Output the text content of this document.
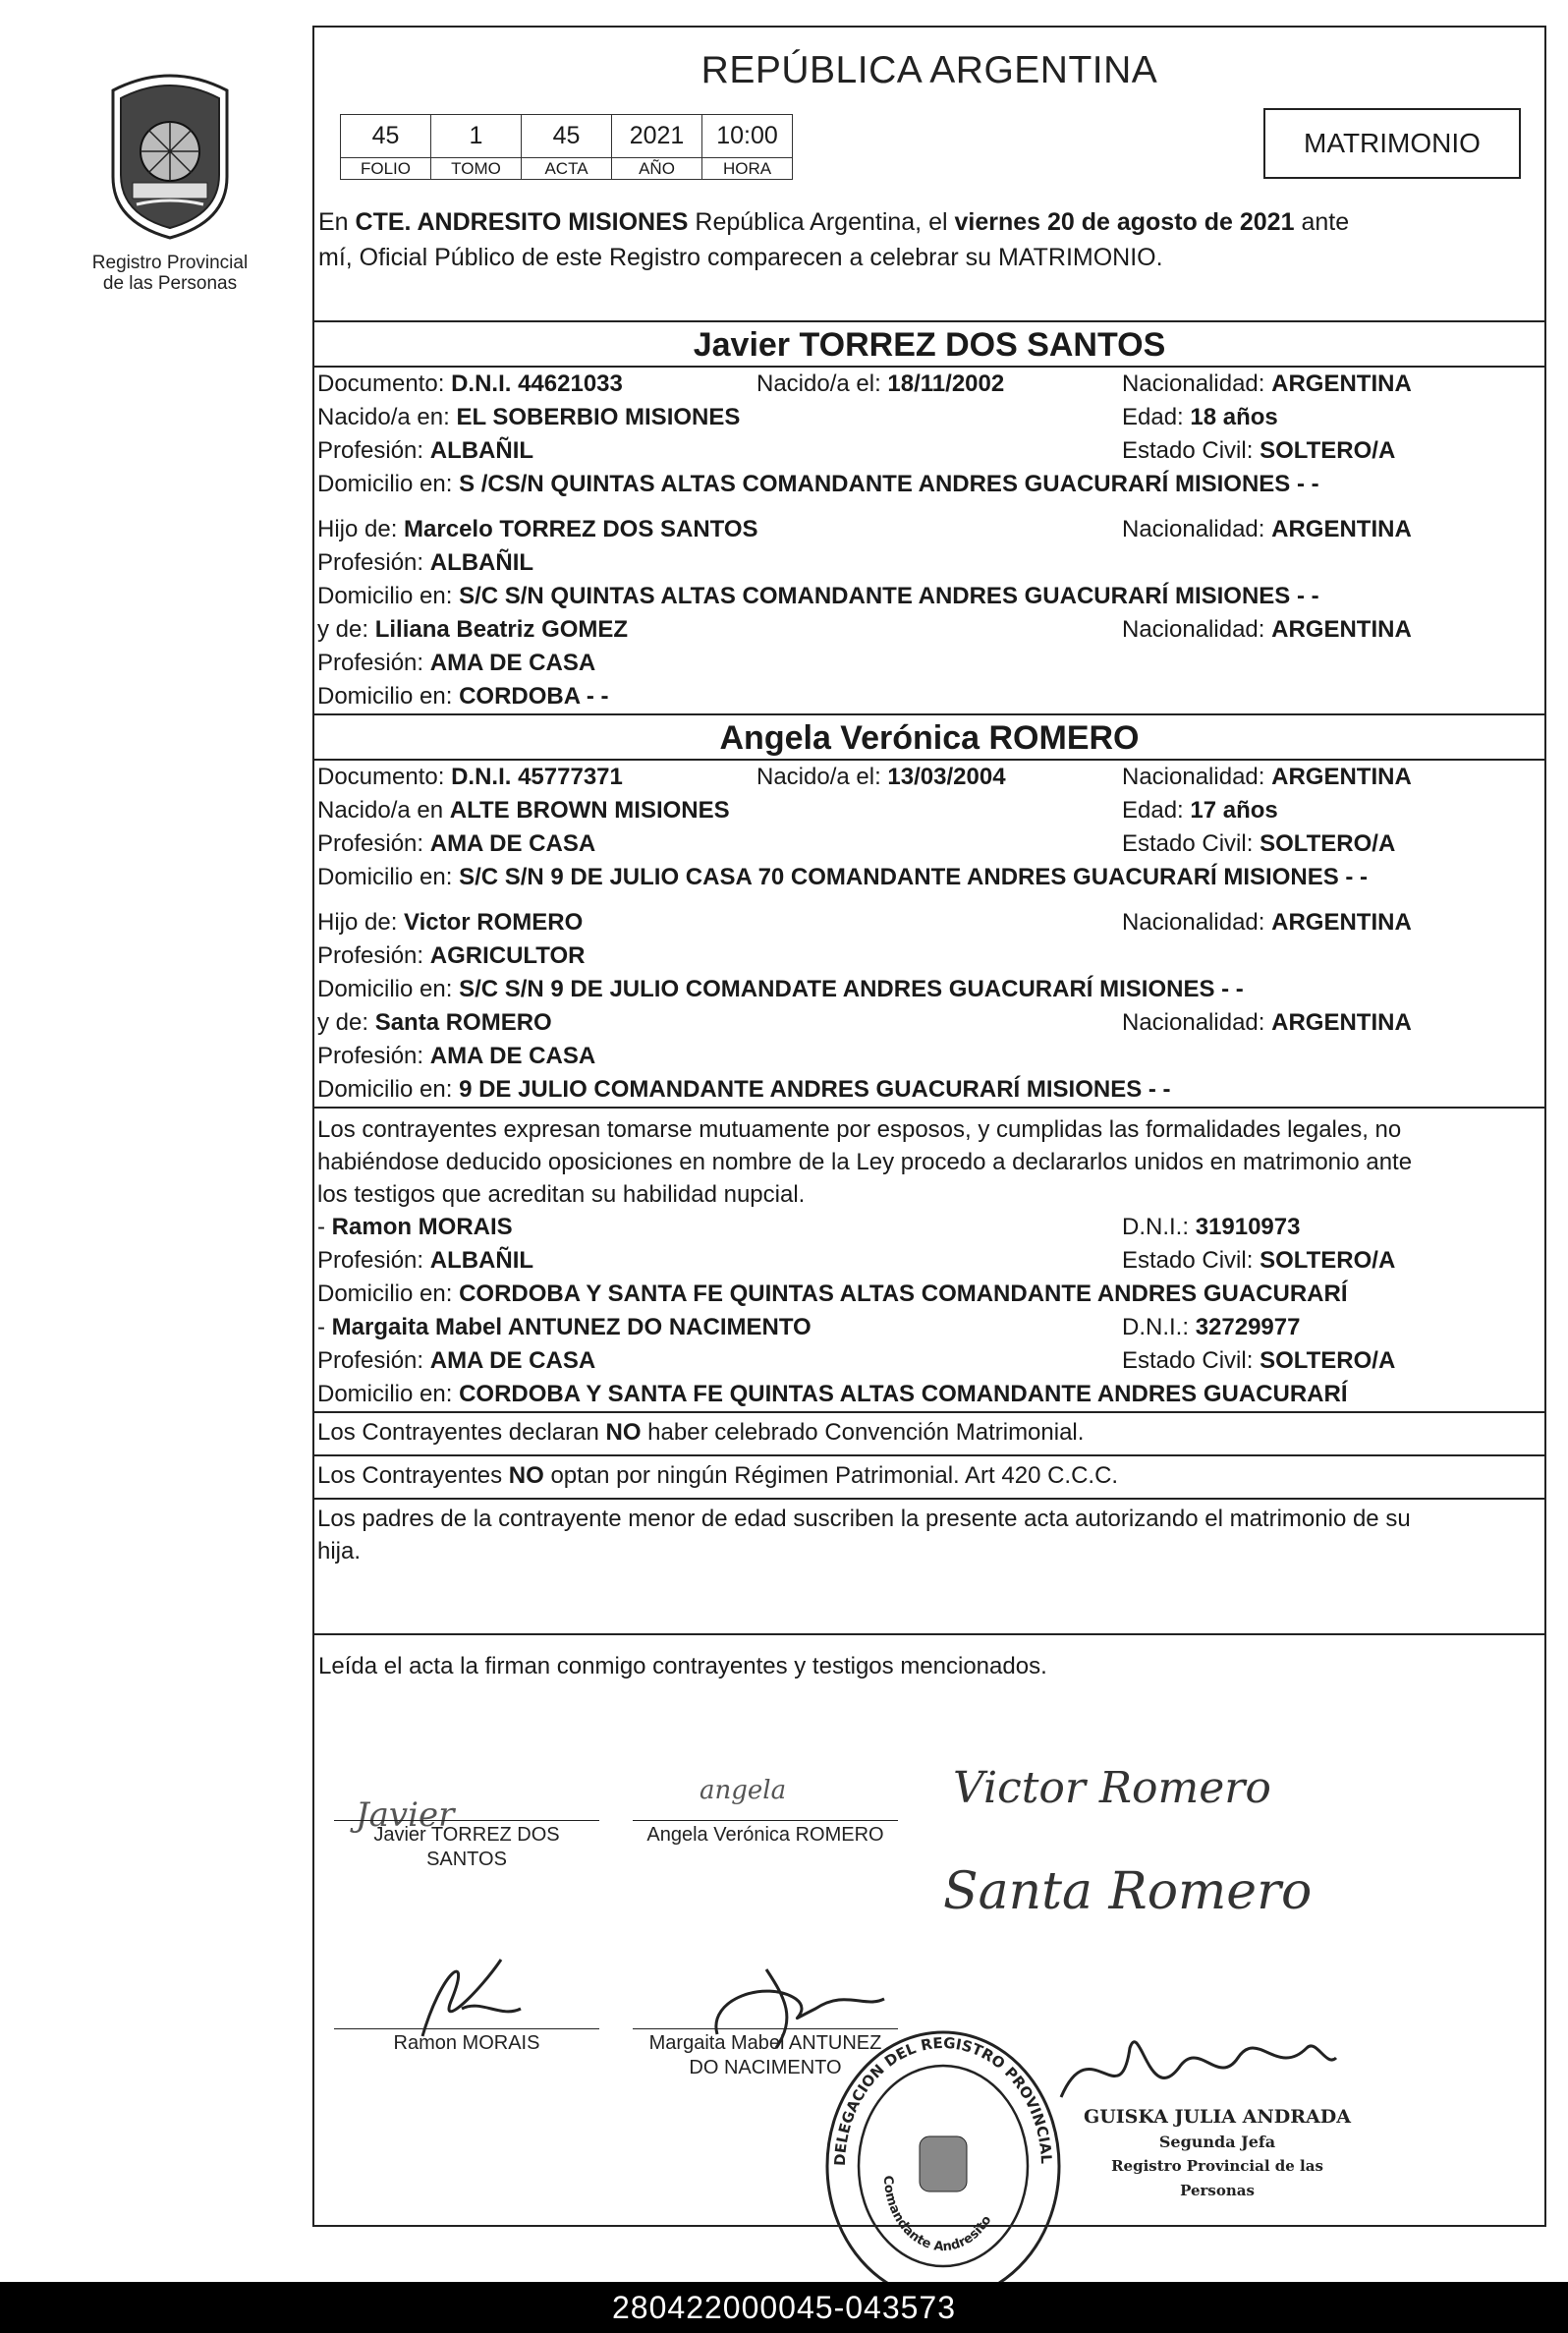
Registro Provincial
de las Personas
REPÚBLICA ARGENTINA
45	1	45	2021	10:00
FOLIO	TOMO	ACTA	AÑO	HORA
MATRIMONIO
En CTE. ANDRESITO MISIONES República Argentina, el viernes 20 de agosto de 2021 ante
mí, Oficial Público de este Registro comparecen a celebrar su MATRIMONIO.
Javier TORREZ DOS SANTOS
Documento: D.N.I. 44621033	Nacido/a el: 18/11/2002	Nacionalidad: ARGENTINA
Nacido/a en: EL SOBERBIO MISIONES	Edad: 18 años
Profesión: ALBAÑIL	Estado Civil: SOLTERO/A
Domicilio en: S /CS/N QUINTAS ALTAS COMANDANTE ANDRES GUACURARÍ MISIONES - -
Hijo de: Marcelo TORREZ DOS SANTOS	Nacionalidad: ARGENTINA
Profesión: ALBAÑIL
Domicilio en: S/C S/N QUINTAS ALTAS COMANDANTE ANDRES GUACURARÍ MISIONES - -
y de: Liliana Beatriz GOMEZ	Nacionalidad: ARGENTINA
Profesión: AMA DE CASA
Domicilio en: CORDOBA - -
Angela Verónica ROMERO
Documento: D.N.I. 45777371	Nacido/a el: 13/03/2004	Nacionalidad: ARGENTINA
Nacido/a en ALTE BROWN MISIONES	Edad: 17 años
Profesión: AMA DE CASA	Estado Civil: SOLTERO/A
Domicilio en: S/C S/N 9 DE JULIO CASA 70 COMANDANTE ANDRES GUACURARÍ MISIONES - -
Hijo de: Victor ROMERO	Nacionalidad: ARGENTINA
Profesión: AGRICULTOR
Domicilio en: S/C S/N 9 DE JULIO COMANDATE ANDRES GUACURARÍ MISIONES - -
y de: Santa ROMERO	Nacionalidad: ARGENTINA
Profesión: AMA DE CASA
Domicilio en: 9 DE JULIO COMANDANTE ANDRES GUACURARÍ MISIONES - -
Los contrayentes expresan tomarse mutuamente por esposos, y cumplidas las formalidades legales, no
habiéndose deducido oposiciones en nombre de la Ley procedo a declararlos unidos en matrimonio ante
los testigos que acreditan su habilidad nupcial.
- Ramon MORAIS	D.N.I.: 31910973
Profesión: ALBAÑIL	Estado Civil: SOLTERO/A
Domicilio en: CORDOBA Y SANTA FE QUINTAS ALTAS COMANDANTE ANDRES GUACURARÍ
- Margaita Mabel ANTUNEZ DO NACIMENTO	D.N.I.: 32729977
Profesión: AMA DE CASA	Estado Civil: SOLTERO/A
Domicilio en: CORDOBA Y SANTA FE QUINTAS ALTAS COMANDANTE ANDRES GUACURARÍ
Los Contrayentes declaran NO haber celebrado Convención Matrimonial.
Los Contrayentes NO optan por ningún Régimen Patrimonial. Art 420 C.C.C.
Los padres de la contrayente menor de edad suscriben la presente acta autorizando el matrimonio de su
hija.
Leída el acta la firman conmigo contrayentes y testigos mencionados.
Javier
angela
Javier TORREZ DOS
SANTOS
Angela Verónica ROMERO
Victor Romero
Santa Romero
Ramon MORAIS	Margaita Mabel ANTUNEZ
DO NACIMENTO
DELEGACION DEL REGISTRO PROVINCIAL DE LAS PERSONAS
Comandante Andresito
GUISKA JULIA ANDRADA
Segunda Jefa
Registro Provincial de las Personas
280422000045-043573
